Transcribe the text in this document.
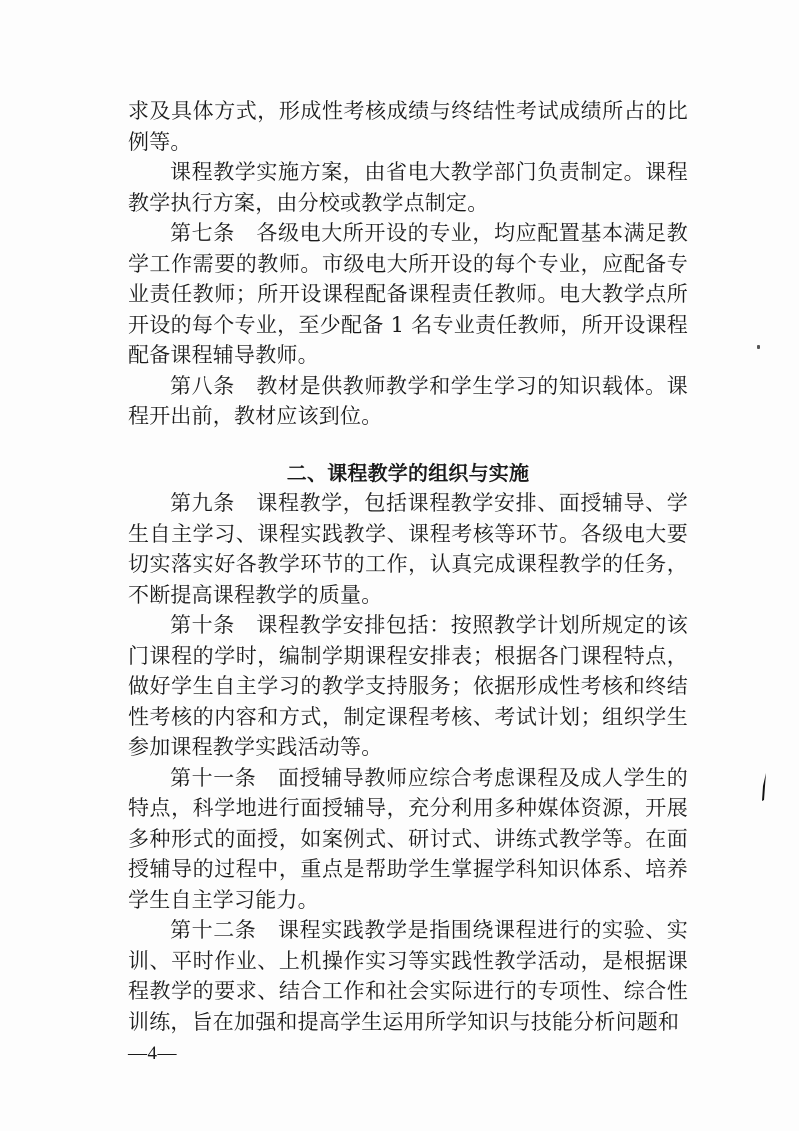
求及具体方式，形成性考核成绩与终结性考试成绩所占的比例等。

课程教学实施方案，由省电大教学部门负责制定。课程教学执行方案，由分校或教学点制定。

第七条　各级电大所开设的专业，均应配置基本满足教学工作需要的教师。市级电大所开设的每个专业，应配备专业责任教师；所开设课程配备课程责任教师。电大教学点所开设的每个专业，至少配备 1 名专业责任教师，所开设课程配备课程辅导教师。

第八条　教材是供教师教学和学生学习的知识载体。课程开出前，教材应该到位。

二、课程教学的组织与实施

第九条　课程教学，包括课程教学安排、面授辅导、学生自主学习、课程实践教学、课程考核等环节。各级电大要切实落实好各教学环节的工作，认真完成课程教学的任务，不断提高课程教学的质量。

第十条　课程教学安排包括：按照教学计划所规定的该门课程的学时，编制学期课程安排表；根据各门课程特点，做好学生自主学习的教学支持服务；依据形成性考核和终结性考核的内容和方式，制定课程考核、考试计划；组织学生参加课程教学实践活动等。

第十一条　面授辅导教师应综合考虑课程及成人学生的特点，科学地进行面授辅导，充分利用多种媒体资源，开展多种形式的面授，如案例式、研讨式、讲练式教学等。在面授辅导的过程中，重点是帮助学生掌握学科知识体系、培养学生自主学习能力。

第十二条　课程实践教学是指围绕课程进行的实验、实训、平时作业、上机操作实习等实践性教学活动，是根据课程教学的要求、结合工作和社会实际进行的专项性、综合性训练，旨在加强和提高学生运用所学知识与技能分析问题和

—4—
